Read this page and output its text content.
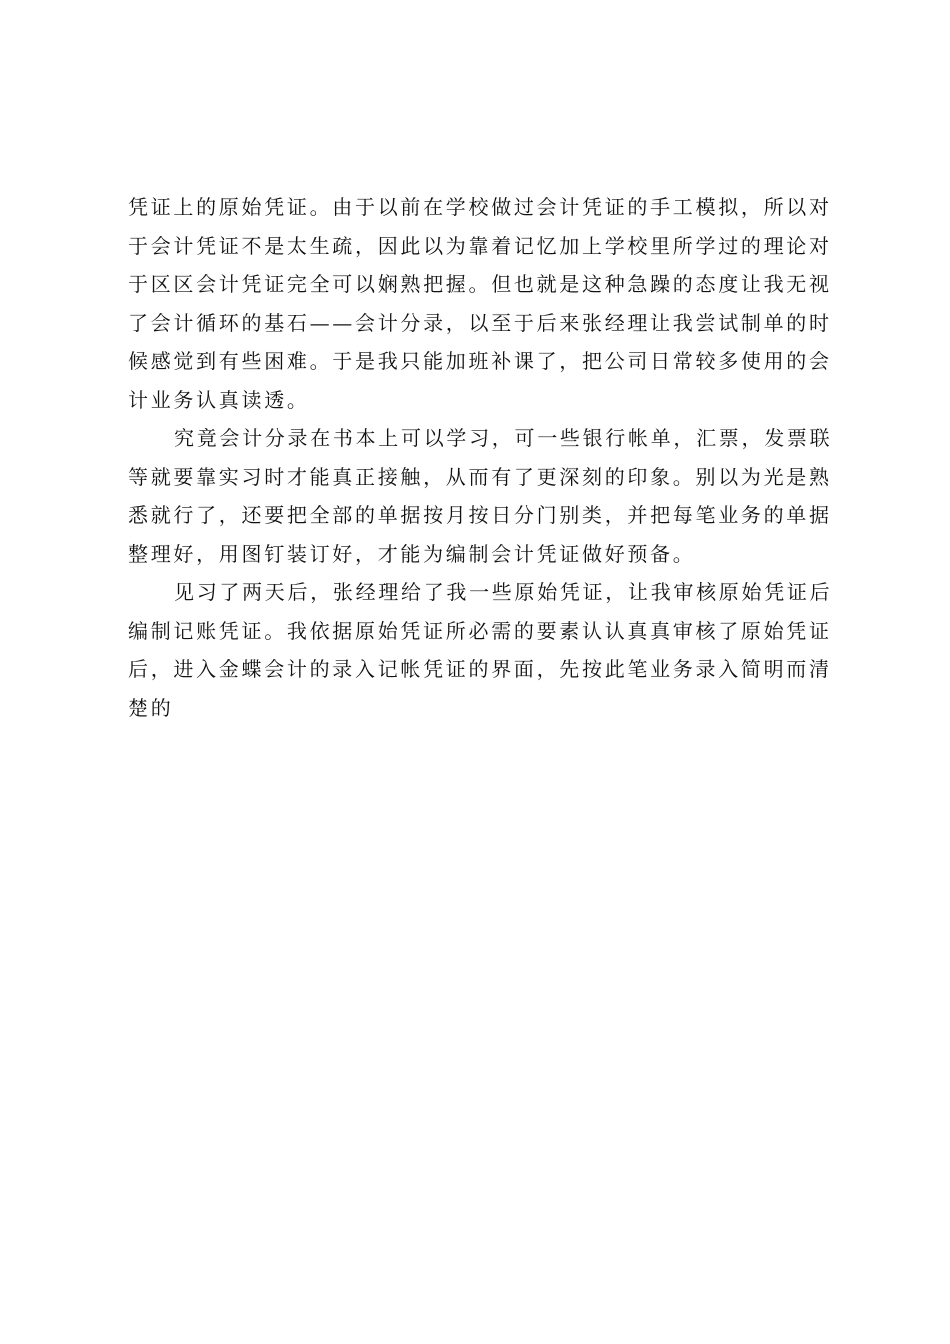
凭证上的原始凭证。由于以前在学校做过会计凭证的手工模拟，所以对
于会计凭证不是太生疏，因此以为靠着记忆加上学校里所学过的理论对
于区区会计凭证完全可以娴熟把握。但也就是这种急躁的态度让我无视
了会计循环的基石——会计分录，以至于后来张经理让我尝试制单的时
候感觉到有些困难。于是我只能加班补课了，把公司日常较多使用的会
计业务认真读透。
究竟会计分录在书本上可以学习，可一些银行帐单，汇票，发票联
等就要靠实习时才能真正接触，从而有了更深刻的印象。别以为光是熟
悉就行了，还要把全部的单据按月按日分门别类，并把每笔业务的单据
整理好，用图钉装订好，才能为编制会计凭证做好预备。
见习了两天后，张经理给了我一些原始凭证，让我审核原始凭证后
编制记账凭证。我依据原始凭证所必需的要素认认真真审核了原始凭证
后，进入金蝶会计的录入记帐凭证的界面，先按此笔业务录入简明而清
楚的
